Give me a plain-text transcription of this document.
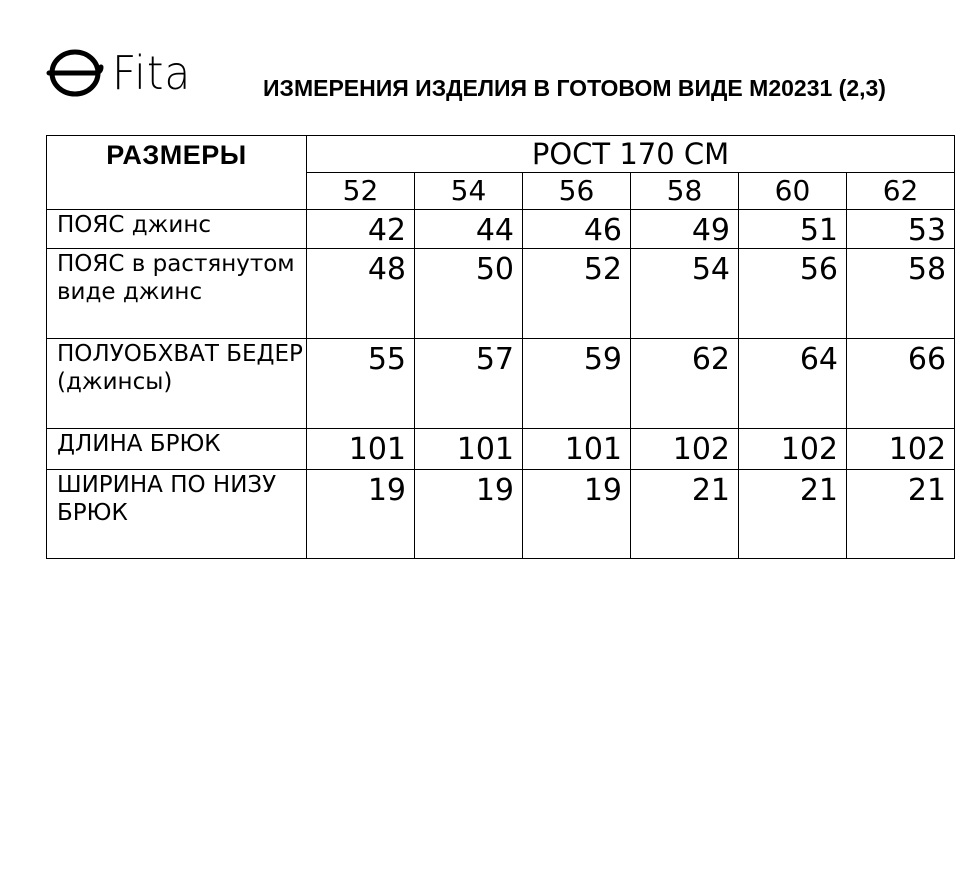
Fita	ИЗМЕРЕНИЯ ИЗДЕЛИЯ В ГОТОВОМ ВИДЕ М20231 (2,3)
РАЗМЕРЫ	РОСТ 170 СМ					
	52	54	56	58	60	62
ПОЯС джинс	42	44	46	49	51	53
ПОЯС в растянутом виде джинс	48	50	52	54	56	58
ПОЛУОБХВАТ БЕДЕР (джинсы)	55	57	59	62	64	66
ДЛИНА БРЮК	101	101	101	102	102	102
ШИРИНА ПО НИЗУ БРЮК	19	19	19	21	21	21
